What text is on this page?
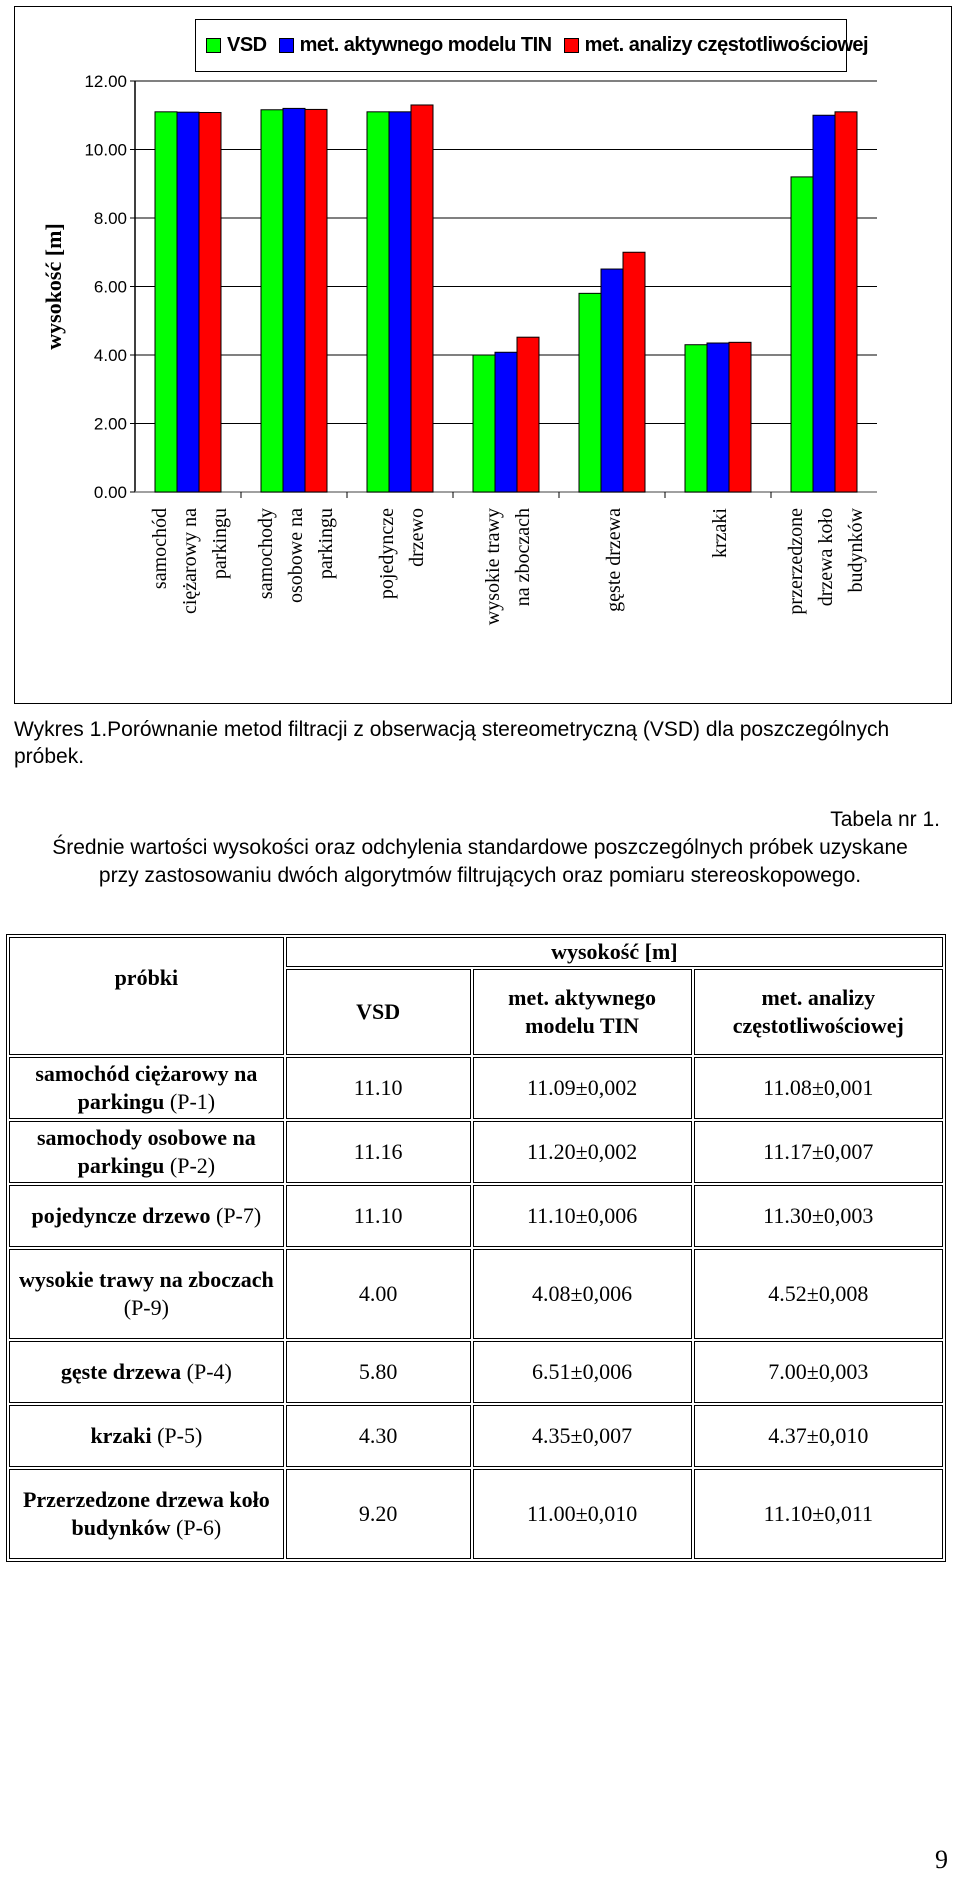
0.00
2.00
4.00
6.00
8.00
10.00
12.00
wysokość [m]
samochód ciężarowy na parkingu samochody osobowe na parkingu pojedyncze drzewo	wysokie trawy na zboczach	gęste drzewa	krzaki	przerzedzone drzewa koło budynków
VSD met. aktywnego modelu TIN met. analizy częstotliwościowej
Wykres 1.Porównanie metod filtracji z obserwacją stereometryczną (VSD) dla poszczególnych próbek.
Tabela nr 1.
Średnie wartości wysokości oraz odchylenia standardowe poszczególnych próbek uzyskane
przy zastosowaniu dwóch algorytmów filtrujących oraz pomiaru stereoskopowego.
próbki	wysokość [m]		
	VSD	met. aktywnego modelu TIN	met. analizy częstotliwościowej
samochód ciężarowy na parkingu (P-1)	11.10	11.09±0,002	11.08±0,001
samochody osobowe na parkingu (P-2)	11.16	11.20±0,002	11.17±0,007
pojedyncze drzewo (P-7)	11.10	11.10±0,006	11.30±0,003
wysokie trawy na zboczach (P-9)	4.00	4.08±0,006	4.52±0,008
gęste drzewa (P-4)	5.80	6.51±0,006	7.00±0,003
krzaki (P-5)	4.30	4.35±0,007	4.37±0,010
Przerzedzone drzewa koło budynków (P-6)	9.20	11.00±0,010	11.10±0,011
9
